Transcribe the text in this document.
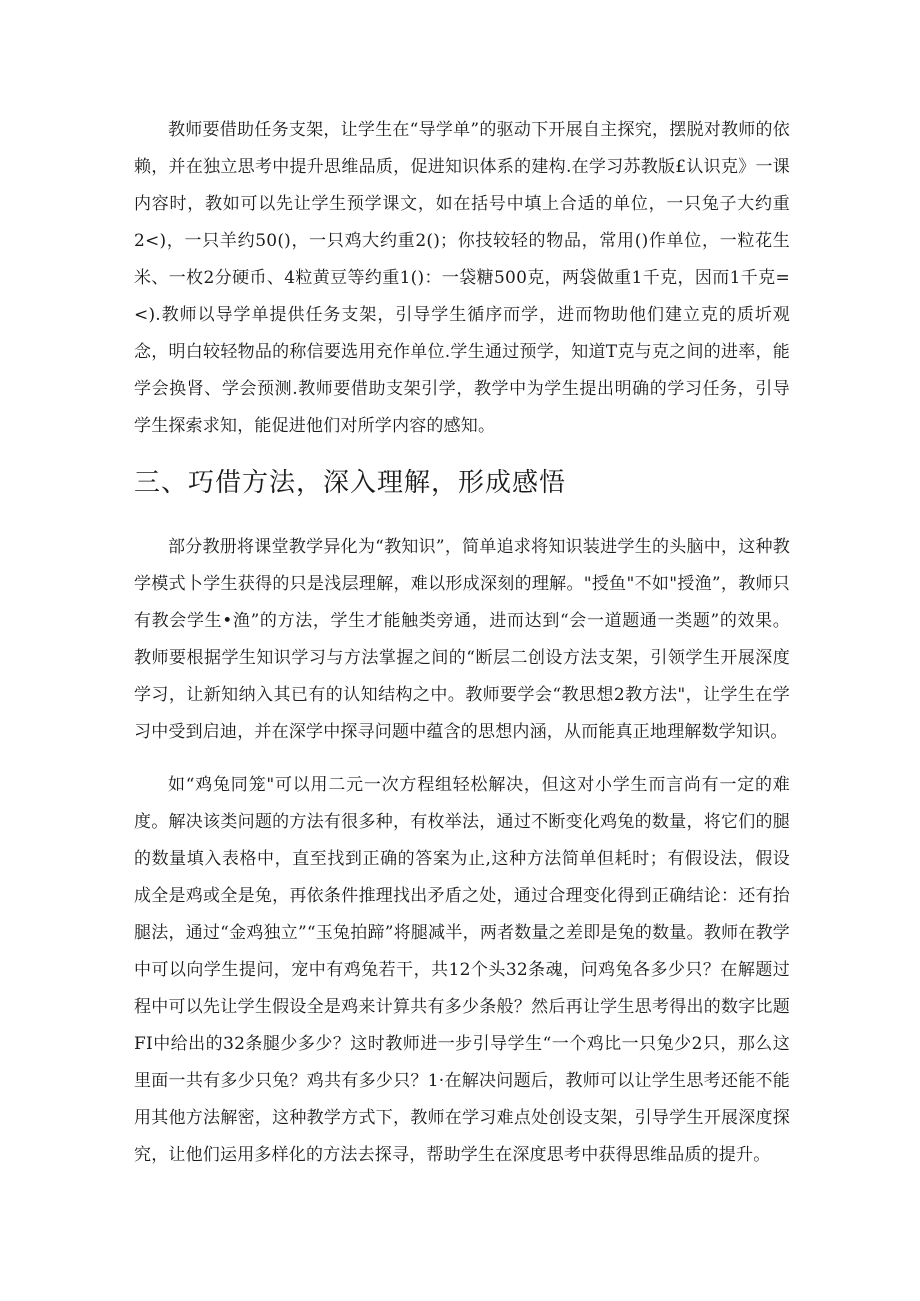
教师要借助任务支架，让学生在“导学单”的驱动下开展自主探究，摆脱对教师的依赖，并在独立思考中提升思维品质，促进知识体系的建构.在学习苏教版£认识克》一课内容时，教如可以先让学生预学课文，如在括号中填上合适的单位，一只兔子大约重2<)，一只羊约50()，一只鸡大约重2()；你技较轻的物品，常用()作单位，一粒花生米、一枚2分硬币、4粒黄豆等约重1()：一袋糖500克，两袋做重1千克，因而1千克=<).教师以导学单提供任务支架，引导学生循序而学，进而物助他们建立克的质圻观念，明白较轻物品的称信要选用充作单位.学生通过预学，知道T克与克之间的进率，能学会换肾、学会预测.教师要借助支架引学，教学中为学生提出明确的学习任务，引导学生探索求知，能促进他们对所学内容的感知。

三、巧借方法，深入理解，形成感悟

部分教册将课堂教学异化为“教知识”，简单追求将知识装进学生的头脑中，这种教学模式卜学生获得的只是浅层理解，难以形成深刻的理解。"授鱼"不如"授渔”，教师只有教会学生•渔”的方法，学生才能触类旁通，进而达到“会一道题通一类题”的效果。教师要根据学生知识学习与方法掌握之间的“断层二创设方法支架，引领学生开展深度学习，让新知纳入其已有的认知结构之中。教师要学会“教思想2教方法"，让学生在学习中受到启迪，并在深学中探寻问题中蕴含的思想内涵，从而能真正地理解数学知识。

如“鸡兔同笼"可以用二元一次方程组轻松解决，但这对小学生而言尚有一定的难度。解决该类问题的方法有很多种，有枚举法，通过不断变化鸡兔的数量，将它们的腿的数量填入表格中，直至找到正确的答案为止,这种方法简单但耗时；有假设法，假设成全是鸡或全是兔，再依条件推理找出矛盾之处，通过合理变化得到正确结论：还有抬腿法，通过“金鸡独立”“玉兔拍蹄”将腿减半，两者数量之差即是兔的数量。教师在教学中可以向学生提问，宠中有鸡兔若干，共12个头32条魂，问鸡兔各多少只？在解题过程中可以先让学生假设全是鸡来计算共有多少条般？然后再让学生思考得出的数字比题FI中给出的32条腿少多少？这时教师进一步引导学生“一个鸡比一只兔少2只，那么这里面一共有多少只兔？鸡共有多少只？1·在解决问题后，教师可以让学生思考还能不能用其他方法解密，这种教学方式下，教师在学习难点处创设支架，引导学生开展深度探究，让他们运用多样化的方法去探寻，帮助学生在深度思考中获得思维品质的提升。
